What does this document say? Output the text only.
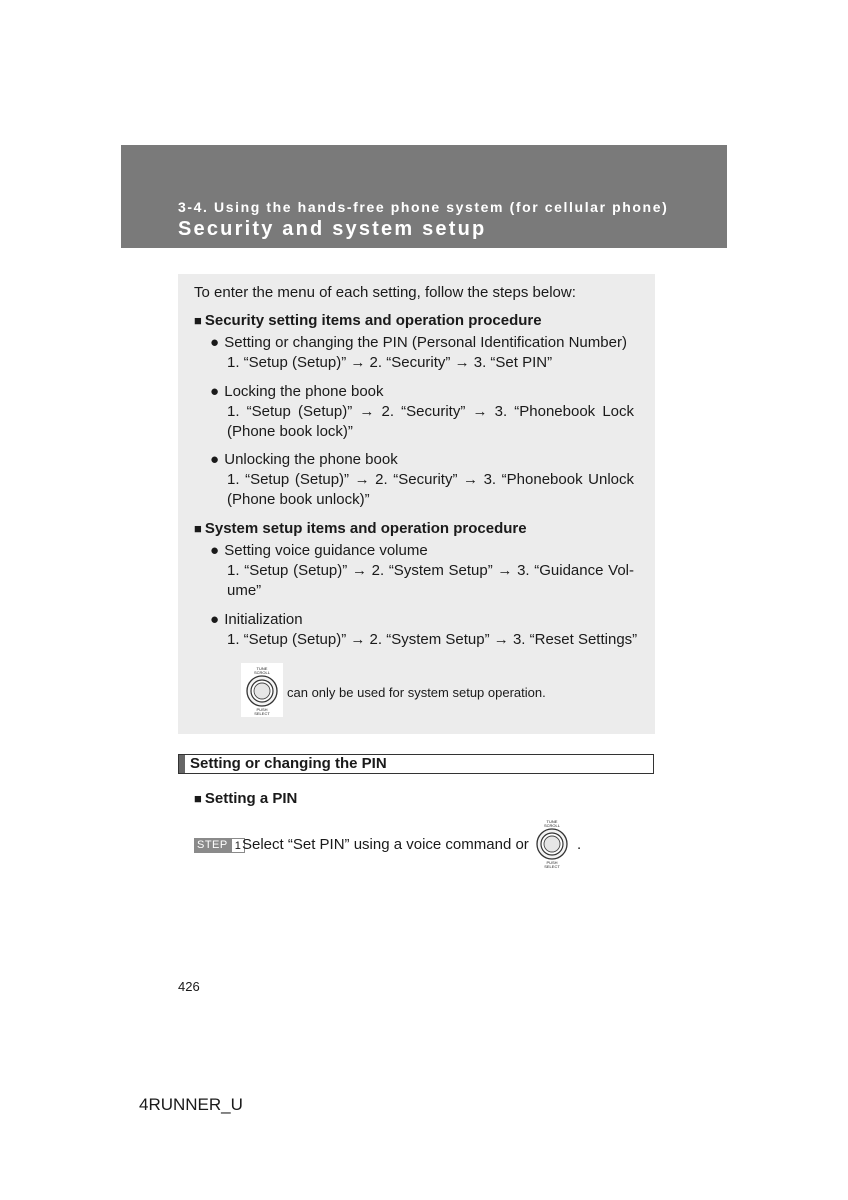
3-4. Using the hands-free phone system (for cellular phone)
Security and system setup
To enter the menu of each setting, follow the steps below:
■ Security setting items and operation procedure
● Setting or changing the PIN (Personal Identification Number)
1. “Setup (Setup)” → 2. “Security” → 3. “Set PIN”
● Locking the phone book
1. “Setup (Setup)” → 2. “Security” → 3. “Phonebook Lock
(Phone book lock)”
● Unlocking the phone book
1. “Setup (Setup)” → 2. “Security” → 3. “Phonebook Unlock
(Phone book unlock)”
■ System setup items and operation procedure
● Setting voice guidance volume
1. “Setup (Setup)” → 2. “System Setup” → 3. “Guidance Vol-
ume”
● Initialization
1. “Setup (Setup)” → 2. “System Setup” → 3. “Reset Settings”
TUNE
SCROLL
PUSH
SELECT
can only be used for system setup operation.
Setting or changing the PIN
■ Setting a PIN
STEP 1 Select “Set PIN” using a voice command or
TUNE
SCROLL
PUSH
SELECT
.
426
4RUNNER_U
